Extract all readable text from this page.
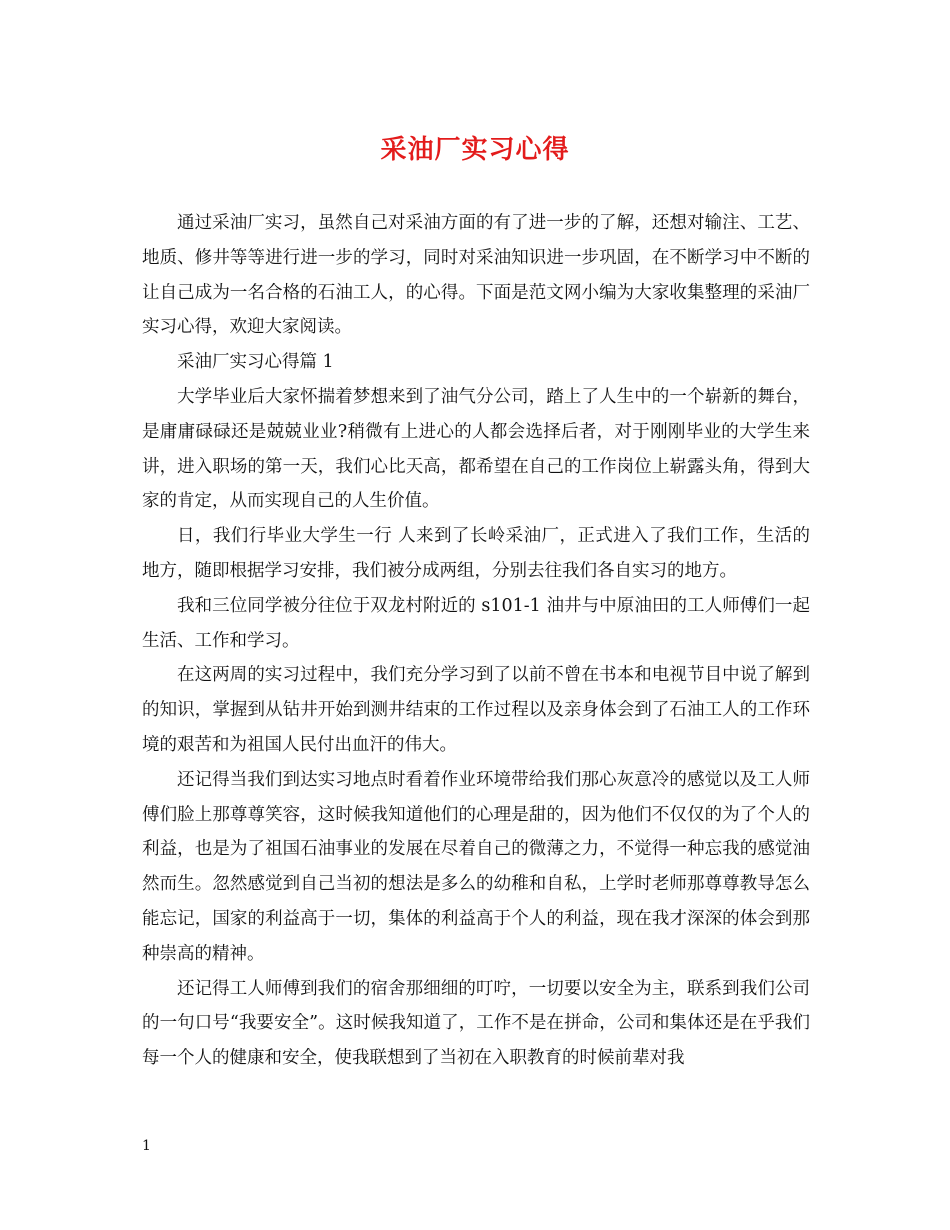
采油厂实习心得

通过采油厂实习，虽然自己对采油方面的有了进一步的了解，还想对输注、工艺、地质、修井等等进行进一步的学习，同时对采油知识进一步巩固，在不断学习中不断的让自己成为一名合格的石油工人，的心得。下面是范文网小编为大家收集整理的采油厂实习心得，欢迎大家阅读。

采油厂实习心得篇 1

大学毕业后大家怀揣着梦想来到了油气分公司，踏上了人生中的一个崭新的舞台，是庸庸碌碌还是兢兢业业?稍微有上进心的人都会选择后者，对于刚刚毕业的大学生来讲，进入职场的第一天，我们心比天高，都希望在自己的工作岗位上崭露头角，得到大家的肯定，从而实现自己的人生价值。

日，我们行毕业大学生一行 人来到了长岭采油厂，正式进入了我们工作，生活的地方，随即根据学习安排，我们被分成两组，分别去往我们各自实习的地方。

我和三位同学被分往位于双龙村附近的 s101-1 油井与中原油田的工人师傅们一起生活、工作和学习。

在这两周的实习过程中，我们充分学习到了以前不曾在书本和电视节目中说了解到的知识，掌握到从钻井开始到测井结束的工作过程以及亲身体会到了石油工人的工作环境的艰苦和为祖国人民付出血汗的伟大。

还记得当我们到达实习地点时看着作业环境带给我们那心灰意冷的感觉以及工人师傅们脸上那尊尊笑容，这时候我知道他们的心理是甜的，因为他们不仅仅的为了个人的利益，也是为了祖国石油事业的发展在尽着自己的微薄之力，不觉得一种忘我的感觉油然而生。忽然感觉到自己当初的想法是多么的幼稚和自私，上学时老师那尊尊教导怎么能忘记，国家的利益高于一切，集体的利益高于个人的利益，现在我才深深的体会到那种崇高的精神。

还记得工人师傅到我们的宿舍那细细的叮咛，一切要以安全为主，联系到我们公司的一句口号“我要安全”。这时候我知道了，工作不是在拼命，公司和集体还是在乎我们每一个人的健康和安全，使我联想到了当初在入职教育的时候前辈对我

1
